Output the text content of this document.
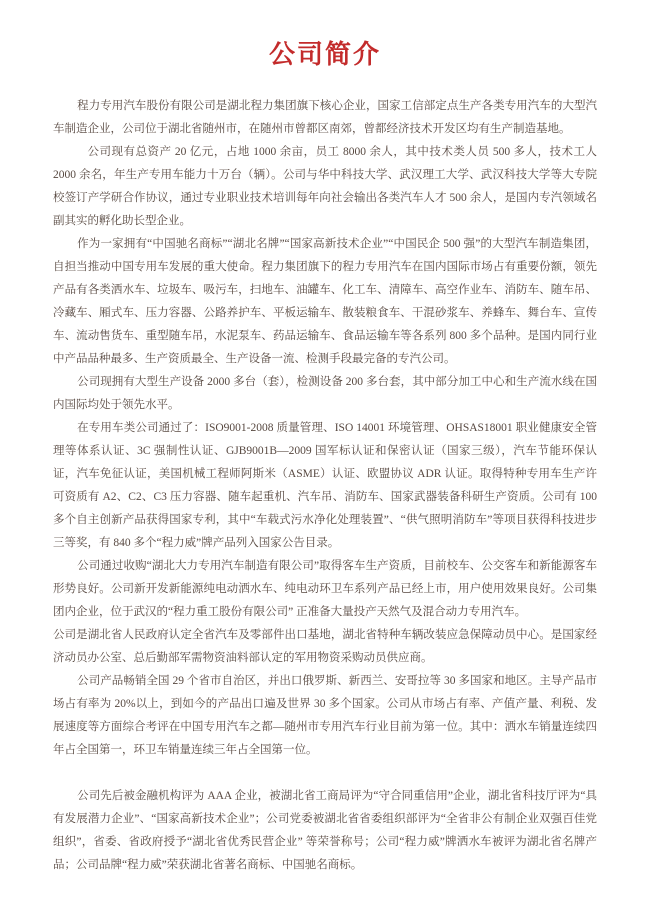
公司简介

程力专用汽车股份有限公司是湖北程力集团旗下核心企业，国家工信部定点生产各类专用汽车的大型汽车制造企业，公司位于湖北省随州市，在随州市曾都区南郊，曾都经济技术开发区均有生产制造基地。

公司现有总资产 20 亿元，占地 1000 余亩，员工 8000 余人，其中技术类人员 500 多人，技术工人 2000 余名，年生产专用车能力十万台（辆）。公司与华中科技大学、武汉理工大学、武汉科技大学等大专院校签订产学研合作协议，通过专业职业技术培训每年向社会输出各类汽车人才 500 余人，是国内专汽领域名副其实的孵化助长型企业。

作为一家拥有“中国驰名商标”“湖北名牌”“国家高新技术企业”“中国民企 500 强”的大型汽车制造集团，自担当推动中国专用车发展的重大使命。程力集团旗下的程力专用汽车在国内国际市场占有重要份额，领先产品有各类洒水车、垃圾车、吸污车，扫地车、油罐车、化工车、清障车、高空作业车、消防车、随车吊、冷藏车、厢式车、压力容器、公路养护车、平板运输车、散装粮食车、干混砂浆车、养蜂车、舞台车、宣传车、流动售货车、重型随车吊，水泥泵车、药品运输车、食品运输车等各系列 800 多个品种。是国内同行业中产品品种最多、生产资质最全、生产设备一流、检测手段最完备的专汽公司。

公司现拥有大型生产设备 2000 多台（套），检测设备 200 多台套，其中部分加工中心和生产流水线在国内国际均处于领先水平。

在专用车类公司通过了：ISO9001-2008 质量管理、ISO 14001 环境管理、OHSAS18001 职业健康安全管理等体系认证、3C 强制性认证、GJB9001B—2009 国军标认证和保密认证（国家三级），汽车节能环保认证，汽车免征认证，美国机械工程师阿斯米（ASME）认证、欧盟协议 ADR 认证。取得特种专用车生产许可资质有 A2、C2、C3 压力容器、随车起重机、汽车吊、消防车、国家武器装备科研生产资质。公司有 100 多个自主创新产品获得国家专利，其中“车载式污水净化处理装置”、“供气照明消防车”等项目获得科技进步三等奖，有 840 多个“程力威”牌产品列入国家公告目录。

公司通过收购“湖北大力专用汽车制造有限公司”取得客车生产资质，目前校车、公交客车和新能源客车形势良好。公司新开发新能源纯电动洒水车、纯电动环卫车系列产品已经上市，用户使用效果良好。公司集团内企业，位于武汉的“程力重工股份有限公司” 正准备大量投产天然气及混合动力专用汽车。

公司是湖北省人民政府认定全省汽车及零部件出口基地，湖北省特种车辆改装应急保障动员中心。是国家经济动员办公室、总后勤部军需物资油料部认定的军用物资采购动员供应商。

公司产品畅销全国 29 个省市自治区，并出口俄罗斯、新西兰、安哥拉等 30 多国家和地区。主导产品市场占有率为 20%以上，到如今的产品出口遍及世界 30 多个国家。公司从市场占有率、产值产量、利税、发展速度等方面综合考评在中国专用汽车之都—随州市专用汽车行业目前为第一位。其中：洒水车销量连续四年占全国第一，环卫车销量连续三年占全国第一位。

公司先后被金融机构评为 AAA 企业，被湖北省工商局评为“守合同重信用”企业，湖北省科技厅评为“具有发展潜力企业”、“国家高新技术企业”；公司党委被湖北省省委组织部评为“全省非公有制企业双强百佳党组织”，省委、省政府授予“湖北省优秀民营企业” 等荣誉称号；公司“程力威”牌洒水车被评为湖北省名牌产品；公司品牌“程力威”荣获湖北省著名商标、中国驰名商标。
